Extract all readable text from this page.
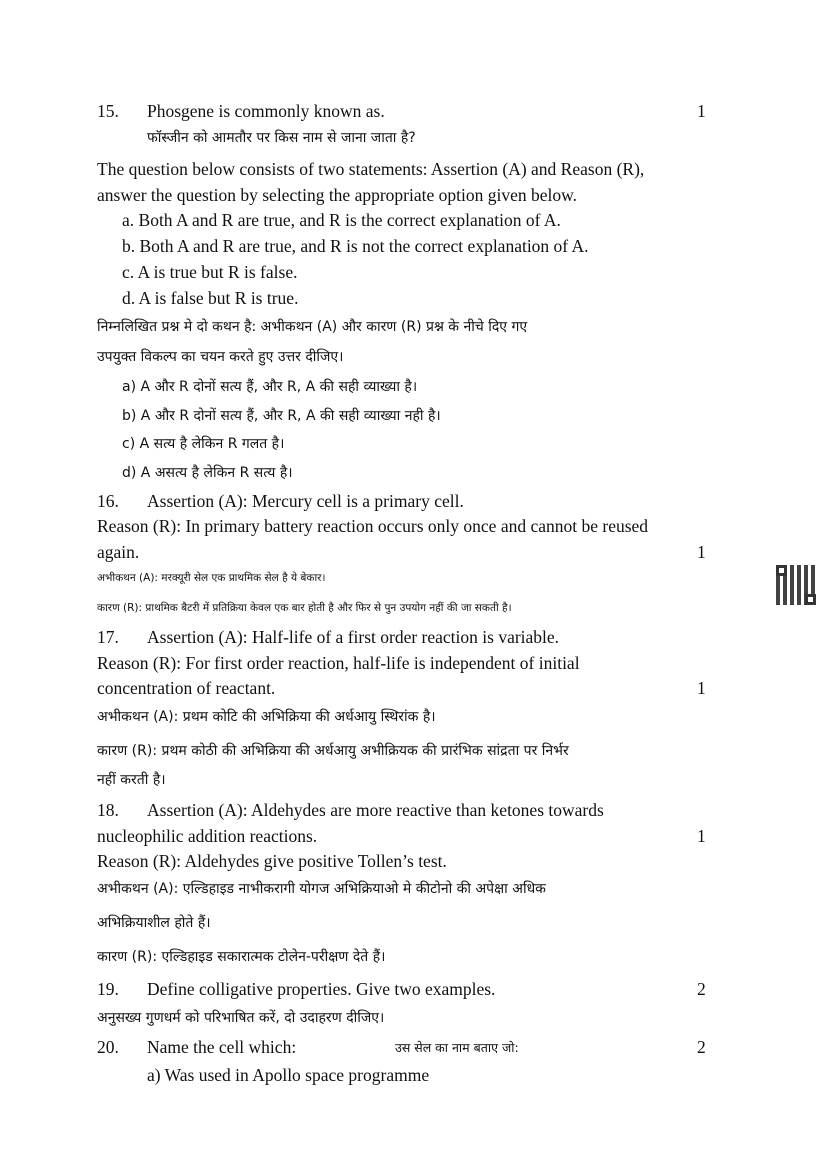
15. Phosgene is commonly known as.	1
फॉस्जीन को आमतौर पर किस नाम से जाना जाता है?
The question below consists of two statements: Assertion (A) and Reason (R),
answer the question by selecting the appropriate option given below.
a. Both A and R are true, and R is the correct explanation of A.
b. Both A and R are true, and R is not the correct explanation of A.
c. A is true but R is false.
d. A is false but R is true.
निम्नलिखित प्रश्न मे दो कथन है: अभीकथन (A) और कारण (R) प्रश्न के नीचे दिए गए
उपयुक्त विकल्प का चयन करते हुए उत्तर दीजिए।
a) A और R दोनों सत्य हैं, और R, A की सही व्याख्या है।
b) A और R दोनों सत्य हैं, और R, A की सही व्याख्या नही है।
c) A सत्य है लेकिन R गलत है।
d) A असत्य है लेकिन R सत्य है।
16. Assertion (A): Mercury cell is a primary cell.
Reason (R): In primary battery reaction occurs only once and cannot be reused
again.	1
अभीकथन (A): मरक्यूरी सेल एक प्राथमिक सेल है ये बेकार।
कारण (R): प्राथमिक बैटरी में प्रतिक्रिया केवल एक बार होती है और फिर से पुन उपयोग नहीं की जा सकती है।
17. Assertion (A): Half-life of a first order reaction is variable.
Reason (R): For first order reaction, half-life is independent of initial
concentration of reactant.	1
अभीकथन (A): प्रथम कोटि की अभिक्रिया की अर्धआयु स्थिरांक है।
कारण (R): प्रथम कोठी की अभिक्रिया की अर्धआयु अभीक्रियक की प्रारंभिक सांद्रता पर निर्भर
नहीं करती है।
18. Assertion (A): Aldehydes are more reactive than ketones towards
nucleophilic addition reactions.	1
Reason (R): Aldehydes give positive Tollen’s test.
अभीकथन (A): एल्डिहाइड नाभीकरागी योगज अभिक्रियाओ मे कीटोनो की अपेक्षा अधिक
अभिक्रियाशील होते हैं।
कारण (R): एल्डिहाइड सकारात्मक टोलेन-परीक्षण देते हैं।
19. Define colligative properties. Give two examples.	2
अनुसख्य गुणधर्म को परिभाषित करें, दो उदाहरण दीजिए।
20. Name the cell which:	उस सेल का नाम बताए जो:	2
a) Was used in Apollo space programme
